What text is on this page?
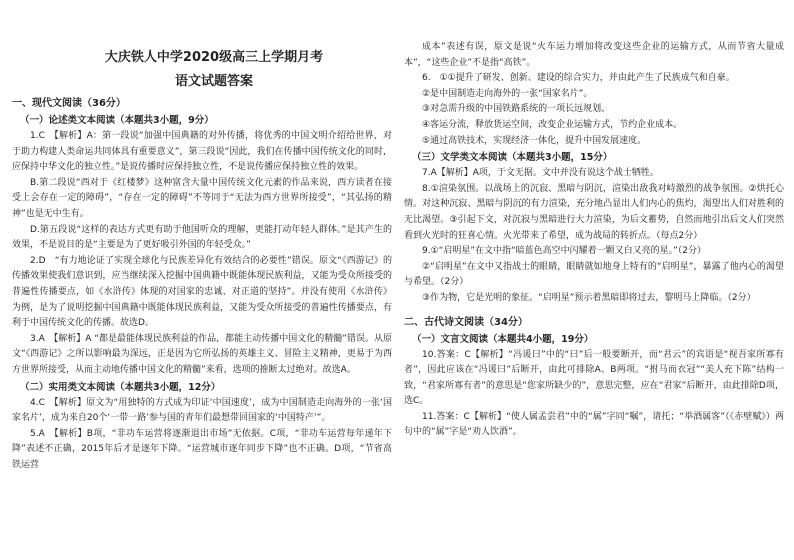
大庆铁人中学2020级高三上学期月考
语文试题答案
一、现代文阅读（36分）
（一）论述类文本阅读（本题共3小题，9分）
1.C　【解析】A：第一段说“加强中国典籍的对外传播，将优秀的中国文明介绍给世界，对于助力构建人类命运共同体具有重要意义”，第三段说“因此，我们在传播中国传统文化的同时，应保持中华文化的独立性。”是说传播时应保持独立性，不是说传播应保持独立性的效果。
B.第二段说“西对于《红楼梦》这种富含大量中国传统文化元素的作品来说，西方读者在接受上会存在一定的障碍”，“存在一定的障碍”不等同于“无法为西方世界所接受”，“其弘扬的精神”也是无中生有。
D.第五段说“这样的表达方式更有助于他国听众的理解，更能打动年轻人群体。”是其产生的效果，不是说目的是“主要是为了更好吸引外国的年轻受众。”
2.D　“有力地论证了实现全球化与民族差异化有效结合的必要性”错误。原文“《西游记》的传播效果使我们意识到，应当继续深入挖掘中国典籍中既能体现民族利益，又能为受众所接受的普遍性传播要点，如《水浒传》体现的对国家的忠诚、对正道的坚持”。并没有使用《水浒传》为例，是为了说明挖掘中国典籍中既能体现民族利益，又能为受众所接受的普遍性传播要点，有利于中国传统文化的传播。故选D。
3.A　【解析】A “都是最能体现民族利益的作品，都能主动传播中国文化的精髓”错误。从原文“《西游记》之所以影响最为深远，正是因为它所弘扬的英雄主义、冒险主义精神，更易于为西方世界所接受，从而主动地传播中国文化的精髓”来看，选项的推断太过绝对。故选A。
（二）实用类文本阅读（本题共3小题，12分）
4.C　【解析】原文为“用独特的方式成为印证‘中国速度’，成为中国制造走向海外的一张‘国家名片’，成为来自20个‘一带一路’参与国的青年们最想带回国家的‘中国特产’”。
5.A　【解析】B项，“非功车运营将逐渐退出市场”无依据。C项，“非功车运营每年递年下降”表述不正确，2015年后才是逐年下降。“运营城市逐年同步下降”也不正确。D项，“节省高铁运营
成本”表述有误，原文是说“火车运力增加将改变这些企业的运输方式，从而节省大量成本”，“这些企业”不是指“高铁”。
6.　①①提升了研发、创新、建设的综合实力，并由此产生了民族成气和自豪。
②是中国制造走向海外的一张“国家名片”。
③对急需升级的中国铁路系统的一项长远规划。
④客运分流，释放货运空间，改变企业运输方式，节约企业成本。
⑤通过高铁技术，实现经济一体化，提升中国发展速度。
（三）文学类文本阅读（本题共3小题，15分）
7.A【解析】A项，于文无据。文中并没有说这个战士牺牲。
8.①渲染氛围。以战场上的沉寂、黑暗与阴沉，渲染出敌我对峙激烈的战争氛围。②烘托心情。对这种沉寂、黑暗与阴沉的有力渲染，充分地凸显出人们内心的焦灼，渴望出人们对胜利的无比渴望。③引起下文，对沉寂与黑暗进行大力渲染，为后文蓄势，自然而地引出后文人们突然看到火光时的狂喜心情。火光带来了希望，成为战局的转折点。（每点2分）
9.①“启明星”在文中指“暗蓝色高空中闪耀着一颗又白又亮的星。”（2分）
②“启明星”在文中又指战士的眼睛，眼睛就如地身上特有的“启明星”，暴露了他内心的渴望与希望。（2分）
③作为物，它是光明的象征。“启明星”预示着黑暗即将过去，黎明马上降临。（2分）
二、古代诗文阅读（34分）
（一）文言文阅读（本题共4小题，19分）
10.答案：C【解析】“冯谖曰”中的“曰”后一般要断开，而“君云”的宾语是“视吾家所寡有者”，因此应该在“冯谖曰”后断开，由此可排除A、B两项。“拊马而衣冠”“美人充下陈”结构一致，“君家所寡有者”的意思是“您家所缺少的”，意思完整，应在“君家”后断开，由此排除D项，选C。
11.答案：C【解析】“使人属孟尝君”中的“属”字同“嘱”，请托；“举酒属客”（《赤壁赋》）两句中的“属”字是“劝人饮酒”。
